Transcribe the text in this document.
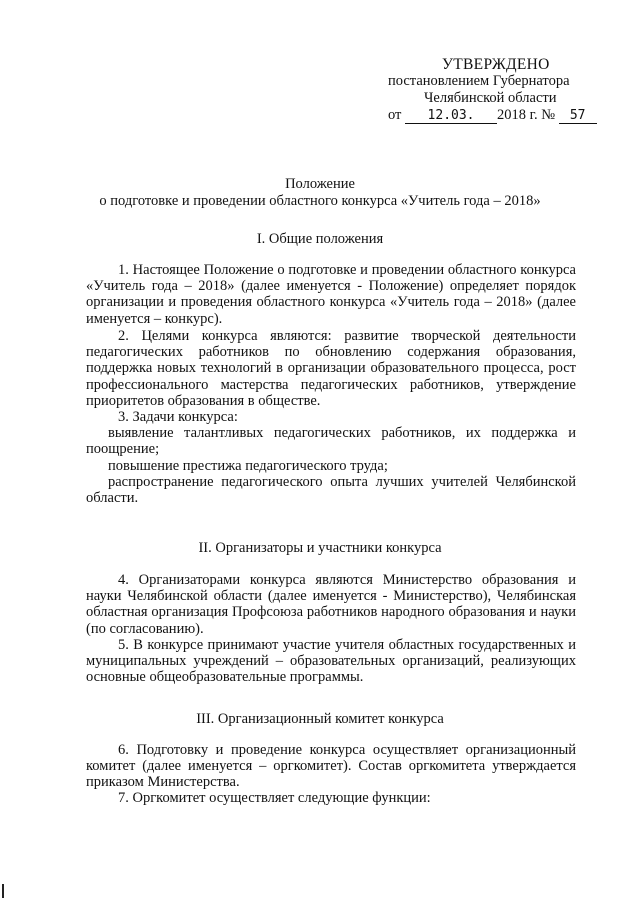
УТВЕРЖДЕНО
постановлением Губернатора
Челябинской области
от 12.03. 2018 г. № 57
Положение
о подготовке и проведении областного конкурса «Учитель года – 2018»
I. Общие положения

1. Настоящее Положение о подготовке и проведении областного конкурса «Учитель года – 2018» (далее именуется - Положение) определяет порядок организации и проведения областного конкурса «Учитель года – 2018» (далее именуется – конкурс).

2. Целями конкурса являются: развитие творческой деятельности педагогических работников по обновлению содержания образования, поддержка новых технологий в организации образовательного процесса, рост профессионального мастерства педагогических работников, утверждение приоритетов образования в обществе.

3. Задачи конкурса:

выявление талантливых педагогических работников, их поддержка и поощрение;

повышение престижа педагогического труда;

распространение педагогического опыта лучших учителей Челябинской области.

II. Организаторы и участники конкурса

4. Организаторами конкурса являются Министерство образования и науки Челябинской области (далее именуется - Министерство), Челябинская областная организация Профсоюза работников народного образования и науки (по согласованию).

5. В конкурсе принимают участие учителя областных государственных и муниципальных учреждений – образовательных организаций, реализующих основные общеобразовательные программы.

III. Организационный комитет конкурса

6. Подготовку и проведение конкурса осуществляет организационный комитет (далее именуется – оргкомитет). Состав оргкомитета утверждается приказом Министерства.

7. Оргкомитет осуществляет следующие функции:
